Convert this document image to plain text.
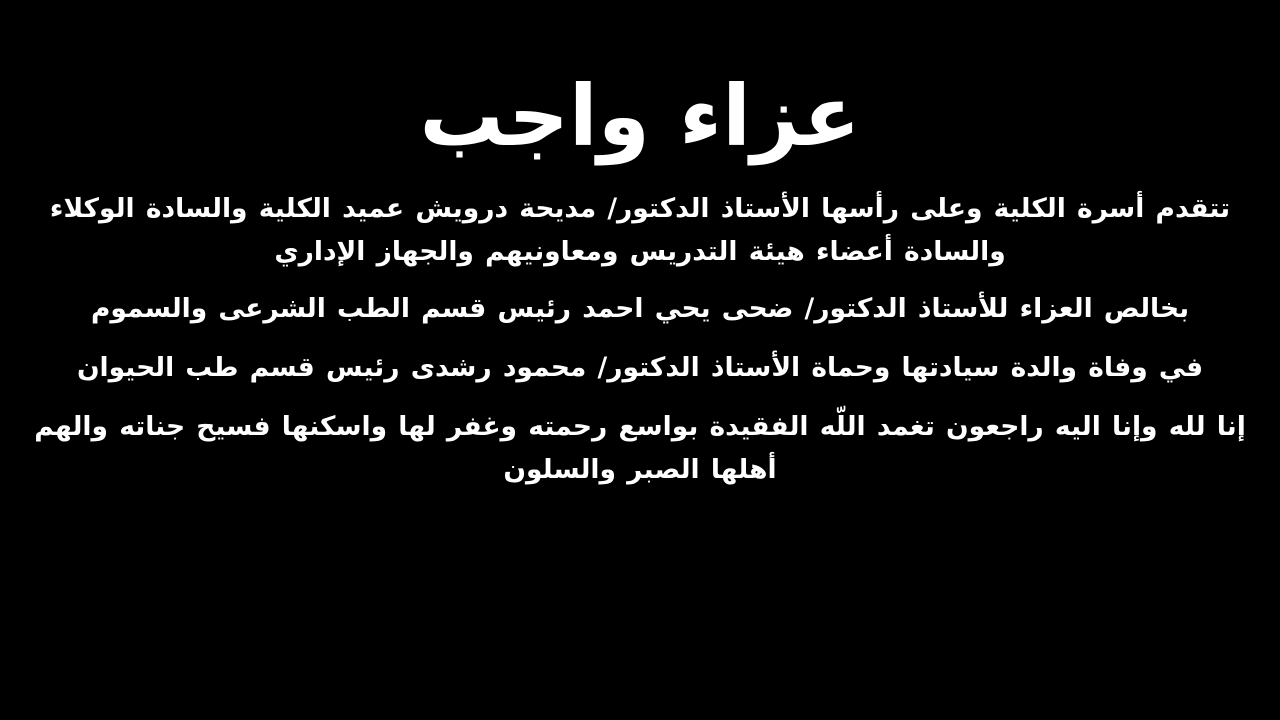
عزاء واجب

تتقدم أسرة الكلية وعلى رأسها الأستاذ الدكتور/ مديحة درويش عميد الكلية والسادة الوكلاء والسادة أعضاء هيئة التدريس ومعاونيهم والجهاز الإداري

بخالص العزاء للأستاذ الدكتور/ ضحى يحي احمد رئيس قسم الطب الشرعى والسموم

في وفاة والدة سيادتها وحماة الأستاذ الدكتور/ محمود رشدى رئيس قسم طب الحيوان

إنا لله وإنا اليه راجعون تغمد اللّه الفقيدة بواسع رحمته وغفر لها واسكنها فسيح جناته والهم أهلها الصبر والسلون
